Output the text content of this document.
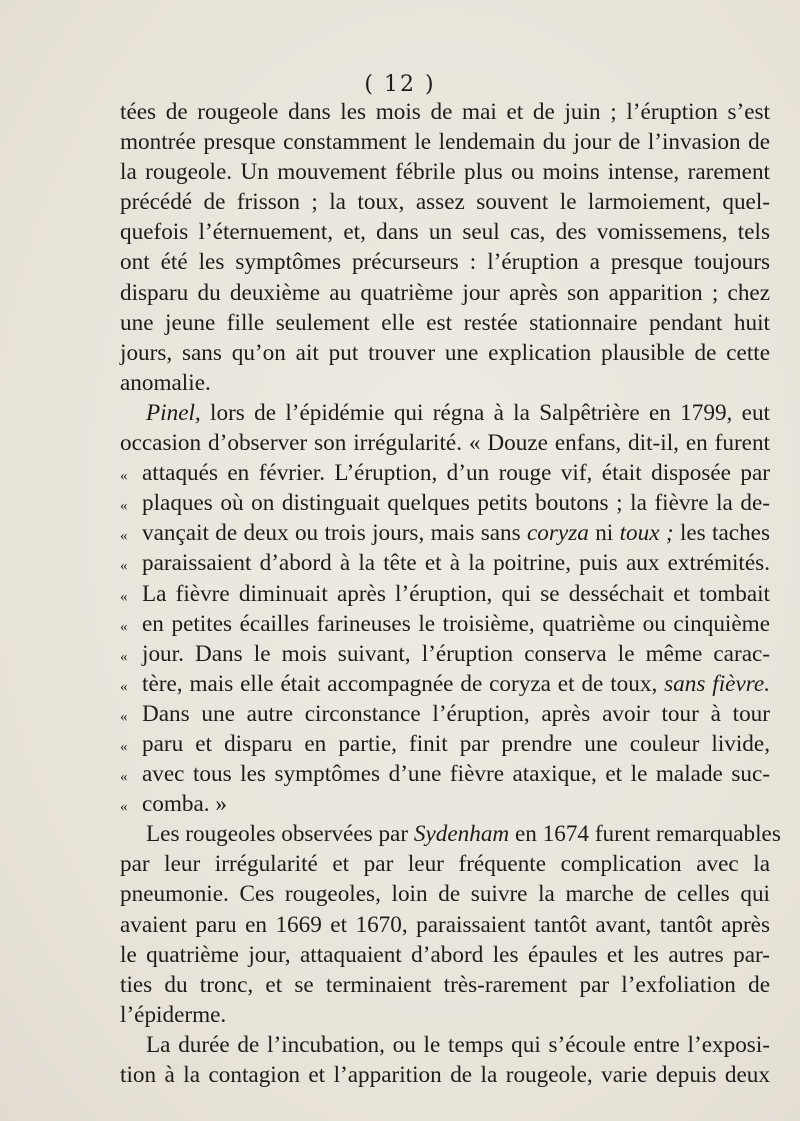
( 12 )
tées de rougeole dans les mois de mai et de juin ; l’éruption s’est
montrée presque constamment le lendemain du jour de l’invasion de
la rougeole. Un mouvement fébrile plus ou moins intense, rarement
précédé de frisson ; la toux, assez souvent le larmoiement, quel-
quefois l’éternuement, et, dans un seul cas, des vomissemens, tels
ont été les symptômes précurseurs : l’éruption a presque toujours
disparu du deuxième au quatrième jour après son apparition ; chez
une jeune fille seulement elle est restée stationnaire pendant huit
jours, sans qu’on ait put trouver une explication plausible de cette
anomalie.
Pinel, lors de l’épidémie qui régna à la Salpêtrière en 1799, eut
occasion d’observer son irrégularité. « Douze enfans, dit-il, en furent
« attaqués en février. L’éruption, d’un rouge vif, était disposée par
« plaques où on distinguait quelques petits boutons ; la fièvre la de-
« vançait de deux ou trois jours, mais sans coryza ni toux ; les taches
« paraissaient d’abord à la tête et à la poitrine, puis aux extrémités.
« La fièvre diminuait après l’éruption, qui se desséchait et tombait
« en petites écailles farineuses le troisième, quatrième ou cinquième
« jour. Dans le mois suivant, l’éruption conserva le même carac-
« tère, mais elle était accompagnée de coryza et de toux, sans fièvre.
« Dans une autre circonstance l’éruption, après avoir tour à tour
« paru et disparu en partie, finit par prendre une couleur livide,
« avec tous les symptômes d’une fièvre ataxique, et le malade suc-
« comba. »
Les rougeoles observées par Sydenham en 1674 furent remarquables
par leur irrégularité et par leur fréquente complication avec la
pneumonie. Ces rougeoles, loin de suivre la marche de celles qui
avaient paru en 1669 et 1670, paraissaient tantôt avant, tantôt après
le quatrième jour, attaquaient d’abord les épaules et les autres par-
ties du tronc, et se terminaient très-rarement par l’exfoliation de
l’épiderme.
La durée de l’incubation, ou le temps qui s’écoule entre l’exposi-
tion à la contagion et l’apparition de la rougeole, varie depuis deux
